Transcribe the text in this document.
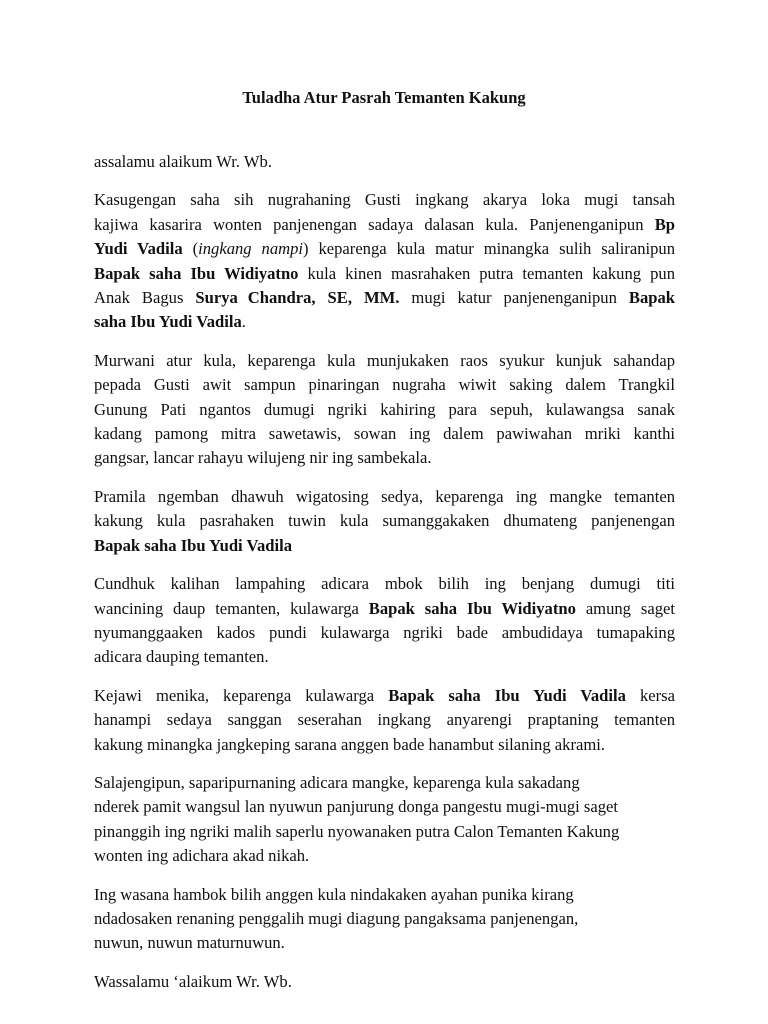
Tuladha Atur Pasrah Temanten Kakung
assalamu alaikum Wr. Wb.
Kasugengan saha sih nugrahaning Gusti ingkang akarya loka mugi tansah
kajiwa kasarira wonten panjenengan sadaya dalasan kula. Panjenenganipun Bp
Yudi Vadila (ingkang nampi) keparenga kula matur minangka sulih saliranipun
Bapak saha Ibu Widiyatno kula kinen masrahaken putra temanten kakung pun
Anak Bagus Surya Chandra, SE, MM. mugi katur panjenenganipun Bapak
saha Ibu Yudi Vadila.
Murwani atur kula, keparenga kula munjukaken raos syukur kunjuk sahandap
pepada Gusti awit sampun pinaringan nugraha wiwit saking dalem Trangkil
Gunung Pati ngantos dumugi ngriki kahiring para sepuh, kulawangsa sanak
kadang pamong mitra sawetawis, sowan ing dalem pawiwahan mriki kanthi
gangsar, lancar rahayu wilujeng nir ing sambekala.
Pramila ngemban dhawuh wigatosing sedya, keparenga ing mangke temanten
kakung kula pasrahaken tuwin kula sumanggakaken dhumateng panjenengan
Bapak saha Ibu Yudi Vadila
Cundhuk kalihan lampahing adicara mbok bilih ing benjang dumugi titi
wancining daup temanten, kulawarga Bapak saha Ibu Widiyatno amung saget
nyumanggaaken kados pundi kulawarga ngriki bade ambudidaya tumapaking
adicara dauping temanten.
Kejawi menika, keparenga kulawarga Bapak saha Ibu Yudi Vadila kersa
hanampi sedaya sanggan seserahan ingkang anyarengi praptaning temanten
kakung minangka jangkeping sarana anggen bade hanambut silaning akrami.
Salajengipun, saparipurnaning adicara mangke, keparenga kula sakadang
nderek pamit wangsul lan nyuwun panjurung donga pangestu mugi-mugi saget
pinanggih ing ngriki malih saperlu nyowanaken putra Calon Temanten Kakung
wonten ing adichara akad nikah.
Ing wasana hambok bilih anggen kula nindakaken ayahan punika kirang
ndadosaken renaning penggalih mugi diagung pangaksama panjenengan,
nuwun, nuwun maturnuwun.
Wassalamu ‘alaikum Wr. Wb.
